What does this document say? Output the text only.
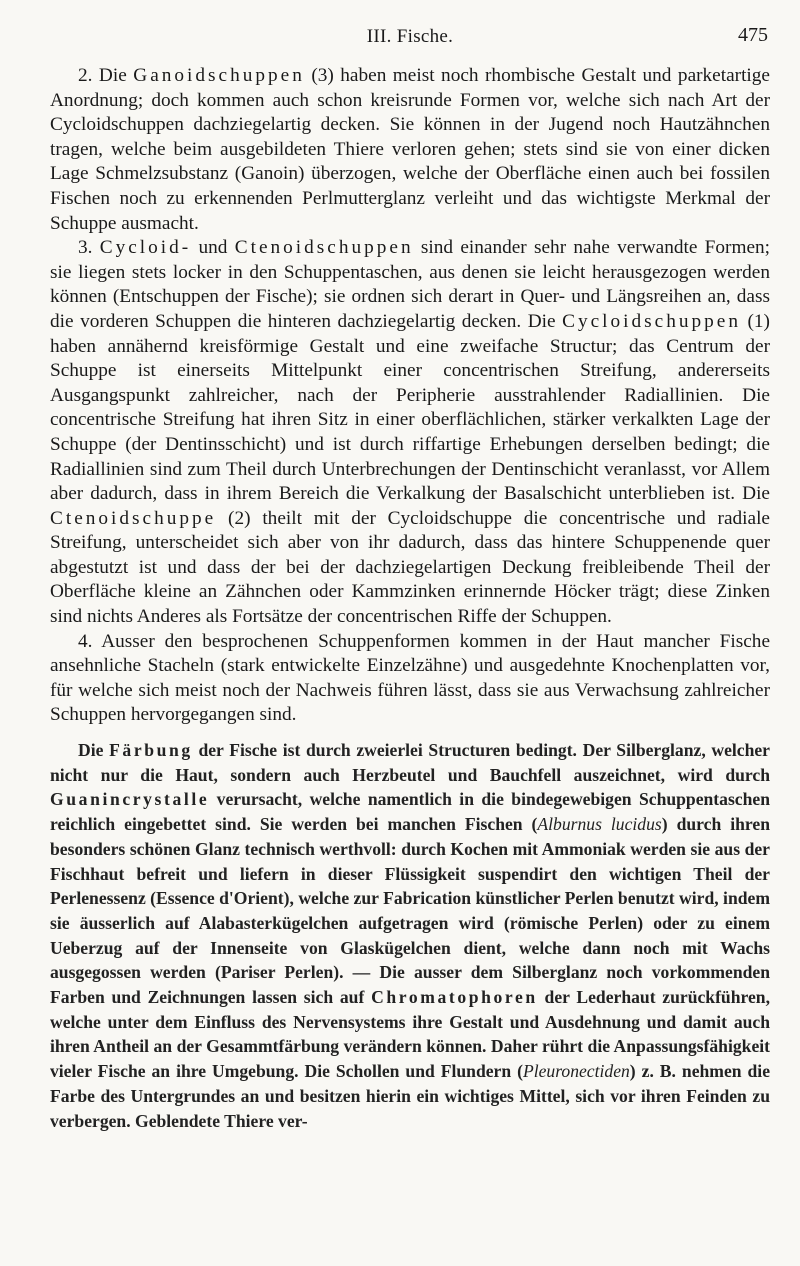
III. Fische.	475

2. Die Ganoidschuppen (3) haben meist noch rhombische Gestalt und parketartige Anordnung; doch kommen auch schon kreisrunde Formen vor, welche sich nach Art der Cycloidschuppen dachziegelartig decken. Sie können in der Jugend noch Hautzähnchen tragen, welche beim ausgebildeten Thiere verloren gehen; stets sind sie von einer dicken Lage Schmelzsubstanz (Ganoin) überzogen, welche der Oberfläche einen auch bei fossilen Fischen noch zu erkennenden Perlmutterglanz verleiht und das wichtigste Merkmal der Schuppe ausmacht.

3. Cycloid- und Ctenoidschuppen sind einander sehr nahe verwandte Formen; sie liegen stets locker in den Schuppentaschen, aus denen sie leicht herausgezogen werden können (Entschuppen der Fische); sie ordnen sich derart in Quer- und Längsreihen an, dass die vorderen Schuppen die hinteren dachziegelartig decken. Die Cycloidschuppen (1) haben annähernd kreisförmige Gestalt und eine zweifache Structur; das Centrum der Schuppe ist einerseits Mittelpunkt einer concentrischen Streifung, andererseits Ausgangspunkt zahlreicher, nach der Peripherie ausstrahlender Radiallinien. Die concentrische Streifung hat ihren Sitz in einer oberflächlichen, stärker verkalkten Lage der Schuppe (der Dentinsschicht) und ist durch riffartige Erhebungen derselben bedingt; die Radiallinien sind zum Theil durch Unterbrechungen der Dentinschicht veranlasst, vor Allem aber dadurch, dass in ihrem Bereich die Verkalkung der Basalschicht unterblieben ist. Die Ctenoidschuppe (2) theilt mit der Cycloidschuppe die concentrische und radiale Streifung, unterscheidet sich aber von ihr dadurch, dass das hintere Schuppenende quer abgestutzt ist und dass der bei der dachziegelartigen Deckung freibleibende Theil der Oberfläche kleine an Zähnchen oder Kammzinken erinnernde Höcker trägt; diese Zinken sind nichts Anderes als Fortsätze der concentrischen Riffe der Schuppen.

4. Ausser den besprochenen Schuppenformen kommen in der Haut mancher Fische ansehnliche Stacheln (stark entwickelte Einzelzähne) und ausgedehnte Knochenplatten vor, für welche sich meist noch der Nachweis führen lässt, dass sie aus Verwachsung zahlreicher Schuppen hervorgegangen sind.

Die Färbung der Fische ist durch zweierlei Structuren bedingt. Der Silberglanz, welcher nicht nur die Haut, sondern auch Herzbeutel und Bauchfell auszeichnet, wird durch Guanincrystalle verursacht, welche namentlich in die bindegewebigen Schuppentaschen reichlich eingebettet sind. Sie werden bei manchen Fischen (Alburnus lucidus) durch ihren besonders schönen Glanz technisch werthvoll: durch Kochen mit Ammoniak werden sie aus der Fischhaut befreit und liefern in dieser Flüssigkeit suspendirt den wichtigen Theil der Perlenessenz (Essence d'Orient), welche zur Fabrication künstlicher Perlen benutzt wird, indem sie äusserlich auf Alabasterkügelchen aufgetragen wird (römische Perlen) oder zu einem Ueberzug auf der Innenseite von Glaskügelchen dient, welche dann noch mit Wachs ausgegossen werden (Pariser Perlen). — Die ausser dem Silberglanz noch vorkommenden Farben und Zeichnungen lassen sich auf Chromatophoren der Lederhaut zurückführen, welche unter dem Einfluss des Nervensystems ihre Gestalt und Ausdehnung und damit auch ihren Antheil an der Gesammtfärbung verändern können. Daher rührt die Anpassungsfähigkeit vieler Fische an ihre Umgebung. Die Schollen und Flundern (Pleuronectiden) z. B. nehmen die Farbe des Untergrundes an und besitzen hierin ein wichtiges Mittel, sich vor ihren Feinden zu verbergen. Geblendete Thiere ver-
